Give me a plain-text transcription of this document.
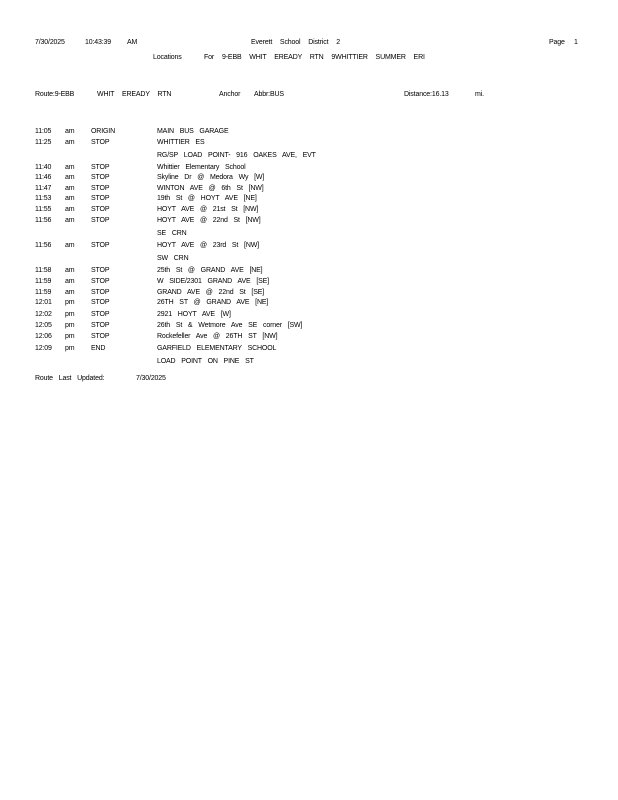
7/30/2025	10:43:39 AM	Everett School District 2	Page 1
Locations	For 9-EBB WHIT EREADY RTN 9WHITTIER SUMMER ERI
Route:9-EBB	WHIT EREADY RTN	Anchor Abbr:BUS	Distance:16.13	mi.
11:05 am ORIGIN	MAIN BUS GARAGE
11:25 am STOP	WHITTIER ES
RG/SP LOAD POINT- 916 OAKES AVE, EVT
11:40 am STOP	Whittier Elementary School
11:46 am STOP	Skyline Dr @ Medora Wy [W]
11:47 am STOP	WINTON AVE @ 6th St [NW]
11:53 am STOP	19th St @ HOYT AVE [NE]
11:55 am STOP	HOYT AVE @ 21st St [NW]
11:56 am STOP	HOYT AVE @ 22nd St [NW]
SE CRN
11:56 am STOP	HOYT AVE @ 23rd St [NW]
SW CRN
11:58 am STOP	25th St @ GRAND AVE [NE]
11:59 am STOP	W SIDE/2301 GRAND AVE [SE]
11:59 am STOP	GRAND AVE @ 22nd St [SE]
12:01 pm STOP	26TH ST @ GRAND AVE [NE]
12:02 pm STOP	2921 HOYT AVE [W]
12:05 pm STOP	26th St & Wetmore Ave SE corner [SW]
12:06 pm STOP	Rockefeller Ave @ 26TH ST [NW]
12:09 pm END	GARFIELD ELEMENTARY SCHOOL
LOAD POINT ON PINE ST
Route Last Updated:	7/30/2025
